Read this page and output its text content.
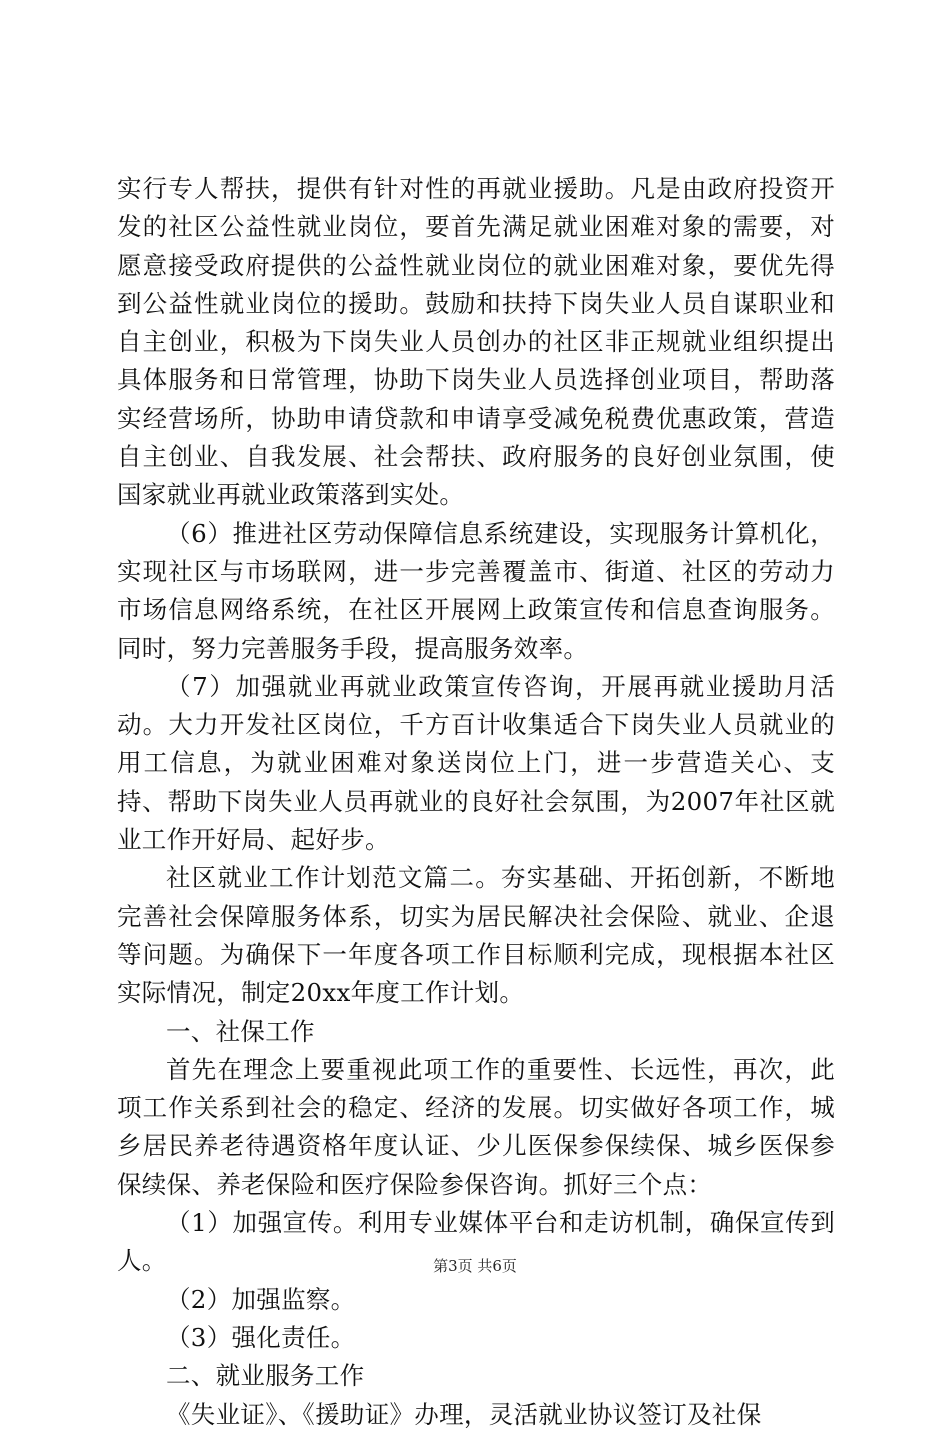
实行专人帮扶，提供有针对性的再就业援助。凡是由政府投资开发的社区公益性就业岗位，要首先满足就业困难对象的需要，对愿意接受政府提供的公益性就业岗位的就业困难对象，要优先得到公益性就业岗位的援助。鼓励和扶持下岗失业人员自谋职业和自主创业，积极为下岗失业人员创办的社区非正规就业组织提出具体服务和日常管理，协助下岗失业人员选择创业项目，帮助落实经营场所，协助申请贷款和申请享受减免税费优惠政策，营造自主创业、自我发展、社会帮扶、政府服务的良好创业氛围，使国家就业再就业政策落到实处。

（6）推进社区劳动保障信息系统建设，实现服务计算机化，实现社区与市场联网，进一步完善覆盖市、街道、社区的劳动力市场信息网络系统，在社区开展网上政策宣传和信息查询服务。同时，努力完善服务手段，提高服务效率。

（7）加强就业再就业政策宣传咨询，开展再就业援助月活动。大力开发社区岗位，千方百计收集适合下岗失业人员就业的用工信息，为就业困难对象送岗位上门，进一步营造关心、支持、帮助下岗失业人员再就业的良好社会氛围，为2007年社区就业工作开好局、起好步。

社区就业工作计划范文篇二。夯实基础、开拓创新，不断地完善社会保障服务体系，切实为居民解决社会保险、就业、企退等问题。为确保下一年度各项工作目标顺利完成，现根据本社区实际情况，制定20xx年度工作计划。

一、社保工作

首先在理念上要重视此项工作的重要性、长远性，再次，此项工作关系到社会的稳定、经济的发展。切实做好各项工作，城乡居民养老待遇资格年度认证、少儿医保参保续保、城乡医保参保续保、养老保险和医疗保险参保咨询。抓好三个点：

（1）加强宣传。利用专业媒体平台和走访机制，确保宣传到人。

（2）加强监察。

（3）强化责任。

二、就业服务工作

《失业证》、《援助证》办理，灵活就业协议签订及社保

第3页 共6页
